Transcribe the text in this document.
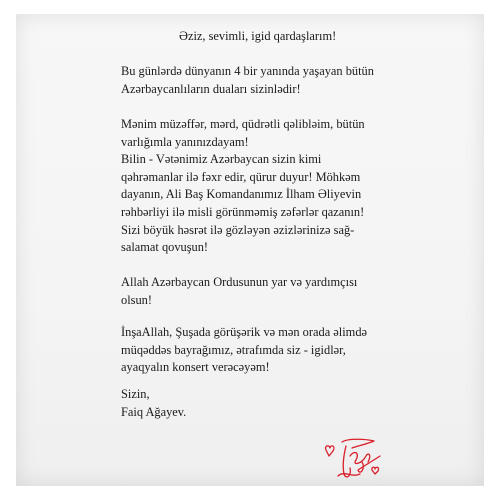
Əziz, sevimli, igid qardaşlarım!
Bu günlərdə dünyanın 4 bir yanında yaşayan bütün
Azərbaycanlıların duaları sizinlədir!
Mənim müzəffər, mərd, qüdrətli qəlibləim, bütün
varlığımla yanınızdayam!
Bilin - Vətənimiz Azərbaycan sizin kimi
qəhrəmanlar ilə fəxr edir, qürur duyur! Möhkəm
dayanın, Ali Baş Komandanımız İlham Əliyevin
rəhbərliyi ilə misli görünməmiş zəfərlər qazanın!
Sizi böyük həsrət ilə gözləyən əzizlərinizə sağ-
salamat qovuşun!
Allah Azərbaycan Ordusunun yar və yardımçısı
olsun!
İnşaAllah, Şuşada görüşərik və mən orada əlimdə
müqəddəs bayrağımız, ətrafımda siz - igidlər,
ayaqyalın konsert verəcəyəm!
Sizin,
Faiq Ağayev.
